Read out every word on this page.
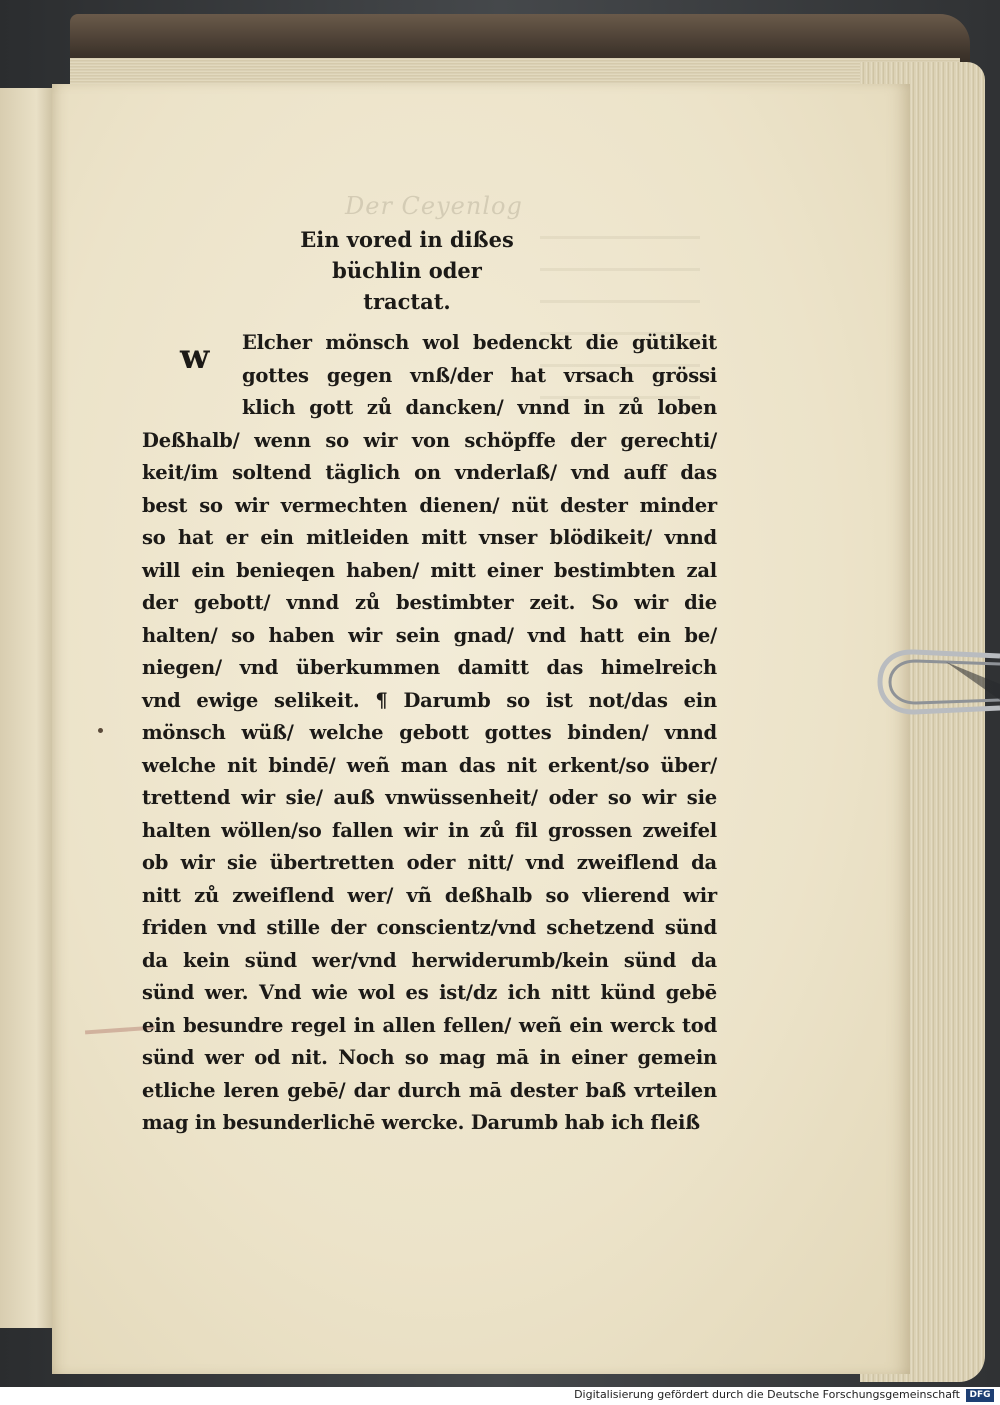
Der Ceyenlog
Ein vored in dißes
büchlin oder
tractat.
w	Elcher mönsch wol bedenckt die gütikeit
gottes gegen vnß/der hat vrsach grössi
klich gott zů dancken/ vnnd in zů loben
Deßhalb/ wenn so wir von schöpffe der gerechti/
keit/im soltend täglich on vnderlaß/ vnd auff das
best so wir vermechten dienen/ nüt dester minder
so hat er ein mitleiden mitt vnser blödikeit/ vnnd
will ein benieqen haben/ mitt einer bestimbten zal
der gebott/ vnnd zů bestimbter zeit. So wir die
halten/ so haben wir sein gnad/ vnd hatt ein be/
niegen/ vnd überkummen damitt das himelreich
vnd ewige selikeit. ¶ Darumb so ist not/das ein
mönsch wüß/ welche gebott gottes binden/ vnnd
welche nit bindē/ weñ man das nit erkent/so über/
trettend wir sie/ auß vnwüssenheit/ oder so wir sie
halten wöllen/so fallen wir in zů fil grossen zweifel
ob wir sie übertretten oder nitt/ vnd zweiflend da
nitt zů zweiflend wer/ vñ deßhalb so vlierend wir
friden vnd stille der conscientz/vnd schetzend sünd
da kein sünd wer/vnd herwiderumb/kein sünd da
sünd wer. Vnd wie wol es ist/dz ich nitt künd gebē
ein besundre regel in allen fellen/ weñ ein werck tod
sünd wer od nit. Noch so mag mā in einer gemein
etliche leren gebē/ dar durch mā dester baß vrteilen
mag in besunderlichē wercke. Darumb hab ich fleiß
Digitalisierung gefördert durch die Deutsche Forschungsgemeinschaft	DFG
